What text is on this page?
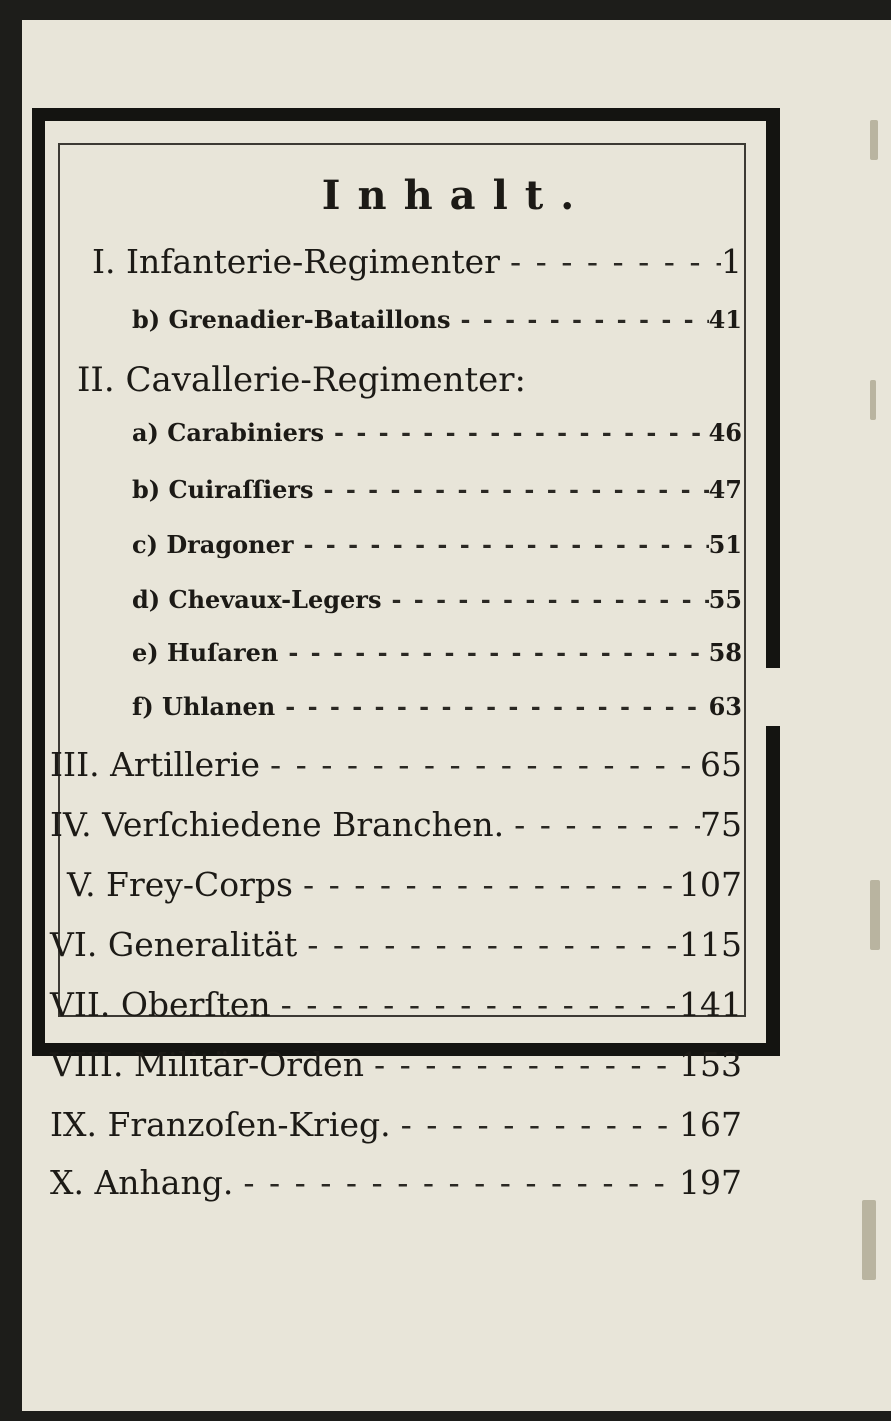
Inhalt.
I. Infanterie-Regimenter - - -	1
b) Grenadier-Bataillons - - -	41
II. Cavallerie-Regimenter:
a) Carabiniers - - -	46
b) Cuiraſſiers - - -	47
c) Dragoner - - -	51
d) Chevaux-Legers - - -	55
e) Huſaren - - -	58
f) Uhlanen - - -	63
III. Artillerie - - -	65
IV. Verſchiedene Branchen. - - -	75
V. Frey-Corps - - -	107
VI. Generalität - - -	115
VII. Oberſten - - -	141
VIII. Militär-Orden - - -	153
IX. Franzoſen-Krieg. - - -	167
X. Anhang. - - -	197
